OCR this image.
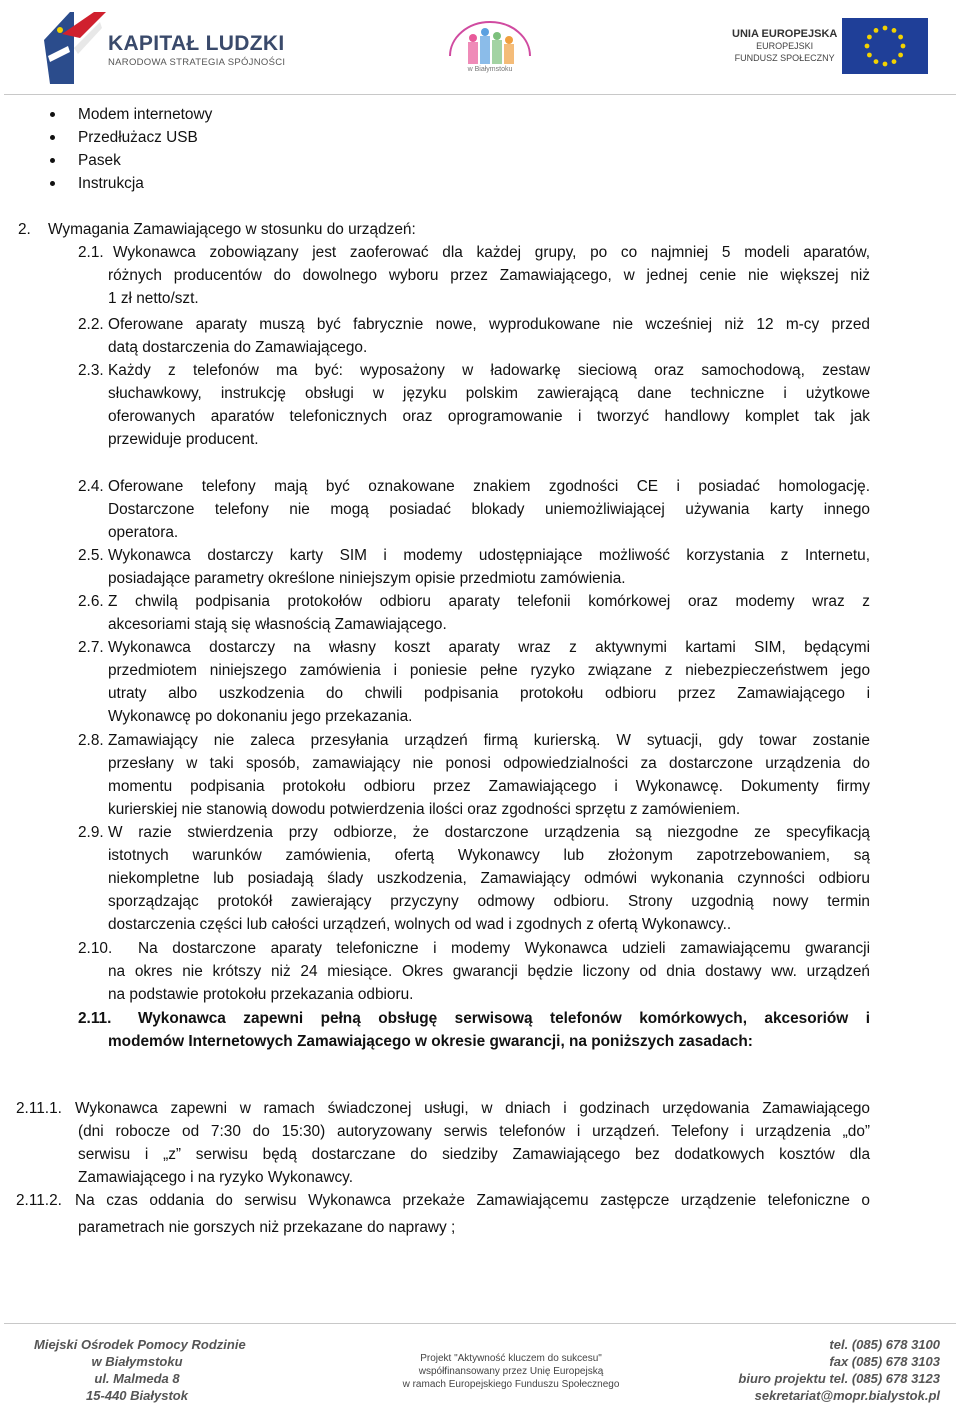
KAPITAŁ LUDZKI
NARODOWA STRATEGIA SPÓJNOŚCI
w Białymstoku
UNIA EUROPEJSKA
EUROPEJSKI
FUNDUSZ SPOŁECZNY
Modem internetowy
Przedłużacz USB
Pasek
Instrukcja
2. Wymagania Zamawiającego w stosunku do urządzeń:
2.1. Wykonawca zobowiązany jest zaoferować dla każdej grupy, po co najmniej 5 modeli aparatów,
różnych producentów do dowolnego wyboru przez Zamawiającego, w jednej cenie nie większej niż
1 zł netto/szt.
2.2. Oferowane aparaty muszą być fabrycznie nowe, wyprodukowane nie wcześniej niż 12 m-cy przed
datą dostarczenia do Zamawiającego.
2.3. Każdy z telefonów ma być: wyposażony w ładowarkę sieciową oraz samochodową, zestaw
słuchawkowy, instrukcję obsługi w języku polskim zawierającą dane techniczne i użytkowe
oferowanych aparatów telefonicznych oraz oprogramowanie i tworzyć handlowy komplet tak jak
przewiduje producent.
2.4. Oferowane telefony mają być oznakowane znakiem zgodności CE i posiadać homologację.
Dostarczone telefony nie mogą posiadać blokady uniemożliwiającej używania karty innego
operatora.
2.5. Wykonawca dostarczy karty SIM i modemy udostępniające możliwość korzystania z Internetu,
posiadające parametry określone niniejszym opisie przedmiotu zamówienia.
2.6. Z chwilą podpisania protokołów odbioru aparaty telefonii komórkowej oraz modemy wraz z
akcesoriami stają się własnością Zamawiającego.
2.7. Wykonawca dostarczy na własny koszt aparaty wraz z aktywnymi kartami SIM, będącymi
przedmiotem niniejszego zamówienia i poniesie pełne ryzyko związane z niebezpieczeństwem jego
utraty albo uszkodzenia do chwili podpisania protokołu odbioru przez Zamawiającego i
Wykonawcę po dokonaniu jego przekazania.
2.8. Zamawiający nie zaleca przesyłania urządzeń firmą kurierską. W sytuacji, gdy towar zostanie
przesłany w taki sposób, zamawiający nie ponosi odpowiedzialności za dostarczone urządzenia do
momentu podpisania protokołu odbioru przez Zamawiającego i Wykonawcę. Dokumenty firmy
kurierskiej nie stanowią dowodu potwierdzenia ilości oraz zgodności sprzętu z zamówieniem.
2.9. W razie stwierdzenia przy odbiorze, że dostarczone urządzenia są niezgodne ze specyfikacją
istotnych warunków zamówienia, ofertą Wykonawcy lub złożonym zapotrzebowaniem, są
niekompletne lub posiadają ślady uszkodzenia, Zamawiający odmówi wykonania czynności odbioru
sporządzając protokół zawierający przyczyny odmowy odbioru. Strony uzgodnią nowy termin
dostarczenia części lub całości urządzeń, wolnych od wad i zgodnych z ofertą Wykonawcy..
2.10. Na dostarczone aparaty telefoniczne i modemy Wykonawca udzieli zamawiającemu gwarancji
na okres nie krótszy niż 24 miesiące. Okres gwarancji będzie liczony od dnia dostawy ww. urządzeń
na podstawie protokołu przekazania odbioru.
2.11. Wykonawca zapewni pełną obsługę serwisową telefonów komórkowych, akcesoriów i
modemów Internetowych Zamawiającego w okresie gwarancji, na poniższych zasadach:
2.11.1. Wykonawca zapewni w ramach świadczonej usługi, w dniach i godzinach urzędowania Zamawiającego
(dni robocze od 7:30 do 15:30) autoryzowany serwis telefonów i urządzeń. Telefony i urządzenia „do”
serwisu i „z” serwisu będą dostarczane do siedziby Zamawiającego bez dodatkowych kosztów dla
Zamawiającego i na ryzyko Wykonawcy.
2.11.2. Na czas oddania do serwisu Wykonawca przekaże Zamawiającemu zastępcze urządzenie telefoniczne o
parametrach nie gorszych niż przekazane do naprawy ;
Miejski Ośrodek Pomocy Rodzinie
w Białymstoku
ul. Malmeda 8
15-440 Białystok
Projekt "Aktywność kluczem do sukcesu"
współfinansowany przez Unię Europejską
w ramach Europejskiego Funduszu Społecznego
tel. (085) 678 3100
fax (085) 678 3103
biuro projektu tel. (085) 678 3123
sekretariat@mopr.bialystok.pl
